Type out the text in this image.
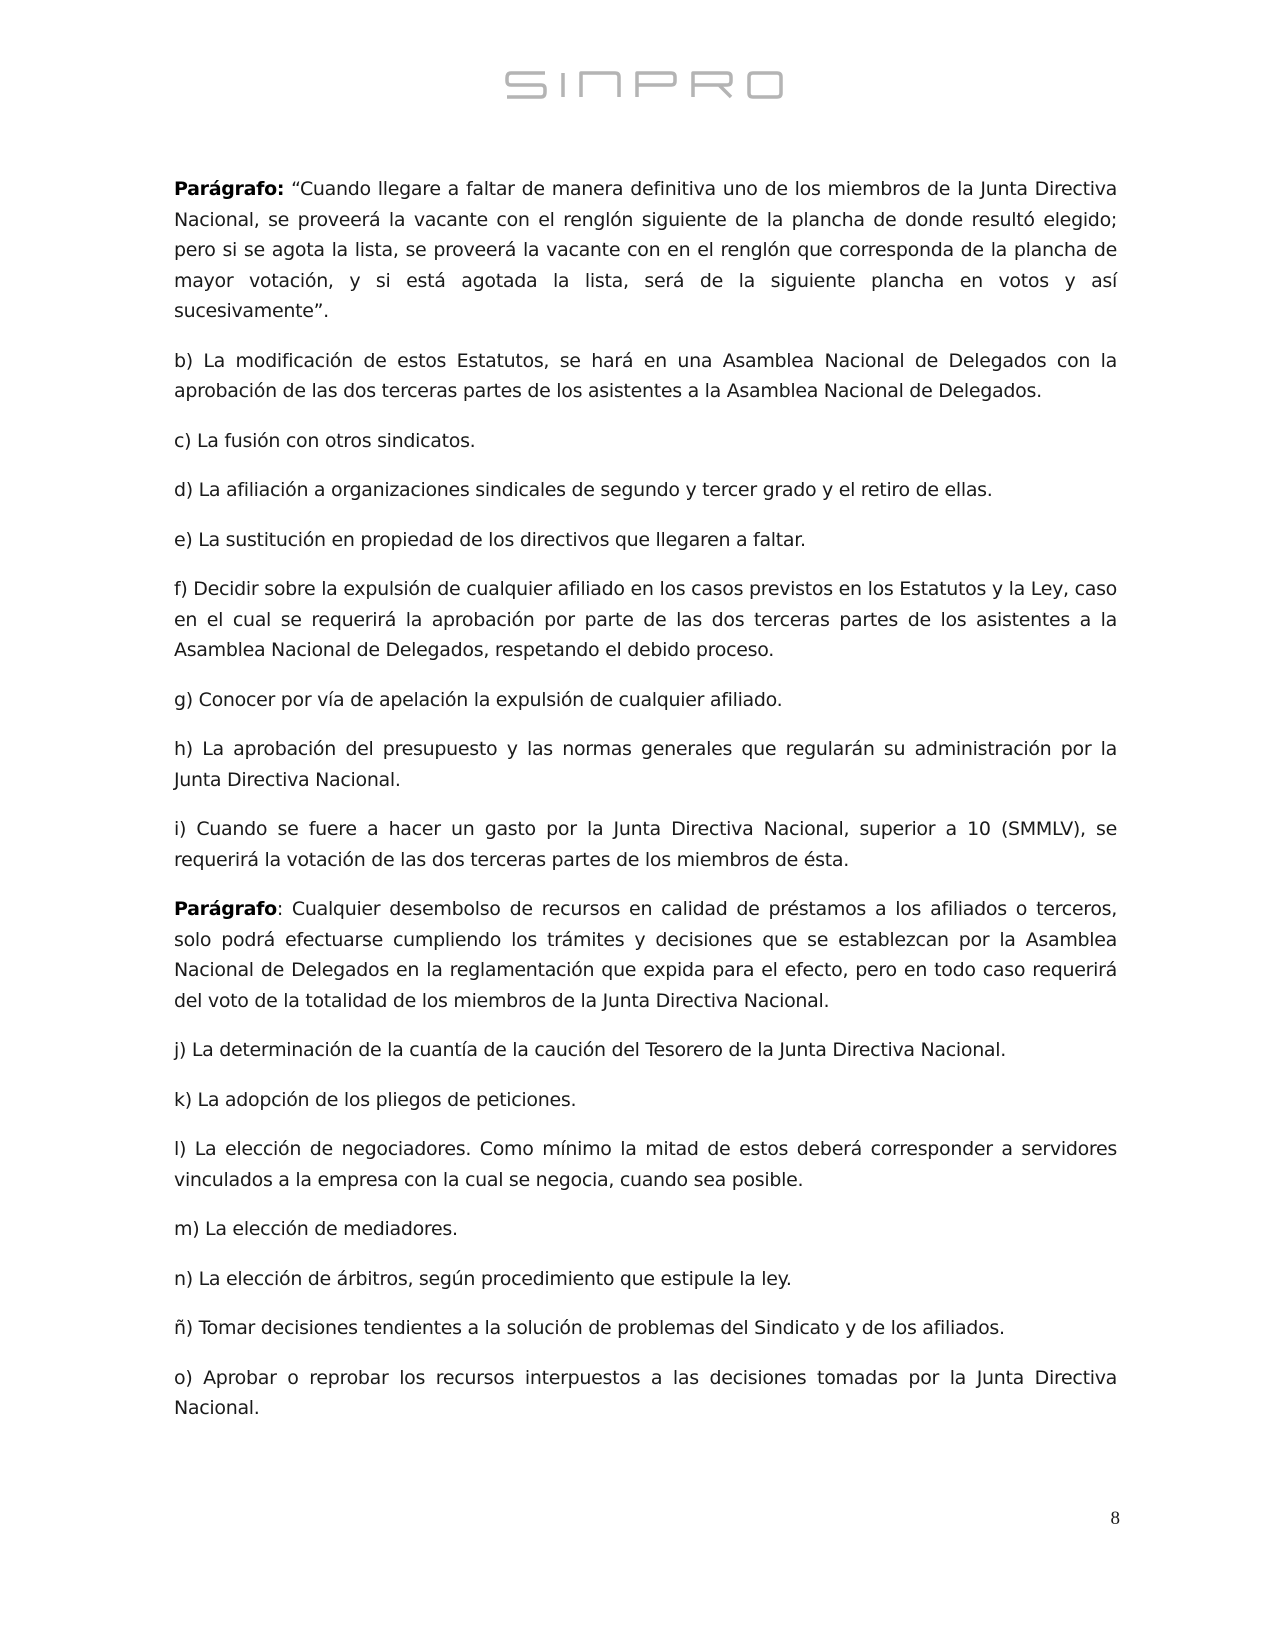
Parágrafo: “Cuando llegare a faltar de manera definitiva uno de los miembros de la Junta Directiva Nacional, se proveerá la vacante con el renglón siguiente de la plancha de donde resultó elegido; pero si se agota la lista, se proveerá la vacante con en el renglón que corresponda de la plancha de mayor votación, y si está agotada la lista, será de la siguiente plancha en votos y así sucesivamente”.

b) La modificación de estos Estatutos, se hará en una Asamblea Nacional de Delegados con la aprobación de las dos terceras partes de los asistentes a la Asamblea Nacional de Delegados.

c) La fusión con otros sindicatos.

d) La afiliación a organizaciones sindicales de segundo y tercer grado y el retiro de ellas.

e) La sustitución en propiedad de los directivos que llegaren a faltar.

f) Decidir sobre la expulsión de cualquier afiliado en los casos previstos en los Estatutos y la Ley, caso en el cual se requerirá la aprobación por parte de las dos terceras partes de los asistentes a la Asamblea Nacional de Delegados, respetando el debido proceso.

g) Conocer por vía de apelación la expulsión de cualquier afiliado.

h) La aprobación del presupuesto y las normas generales que regularán su administración por la Junta Directiva Nacional.

i) Cuando se fuere a hacer un gasto por la Junta Directiva Nacional, superior a 10 (SMMLV), se requerirá la votación de las dos terceras partes de los miembros de ésta.

Parágrafo: Cualquier desembolso de recursos en calidad de préstamos a los afiliados o terceros, solo podrá efectuarse cumpliendo los trámites y decisiones que se establezcan por la Asamblea Nacional de Delegados en la reglamentación que expida para el efecto, pero en todo caso requerirá del voto de la totalidad de los miembros de la Junta Directiva Nacional.

j) La determinación de la cuantía de la caución del Tesorero de la Junta Directiva Nacional.

k) La adopción de los pliegos de peticiones.

l) La elección de negociadores. Como mínimo la mitad de estos deberá corresponder a servidores vinculados a la empresa con la cual se negocia, cuando sea posible.

m) La elección de mediadores.

n) La elección de árbitros, según procedimiento que estipule la ley.

ñ) Tomar decisiones tendientes a la solución de problemas del Sindicato y de los afiliados.

o) Aprobar o reprobar los recursos interpuestos a las decisiones tomadas por la Junta Directiva Nacional.

8
